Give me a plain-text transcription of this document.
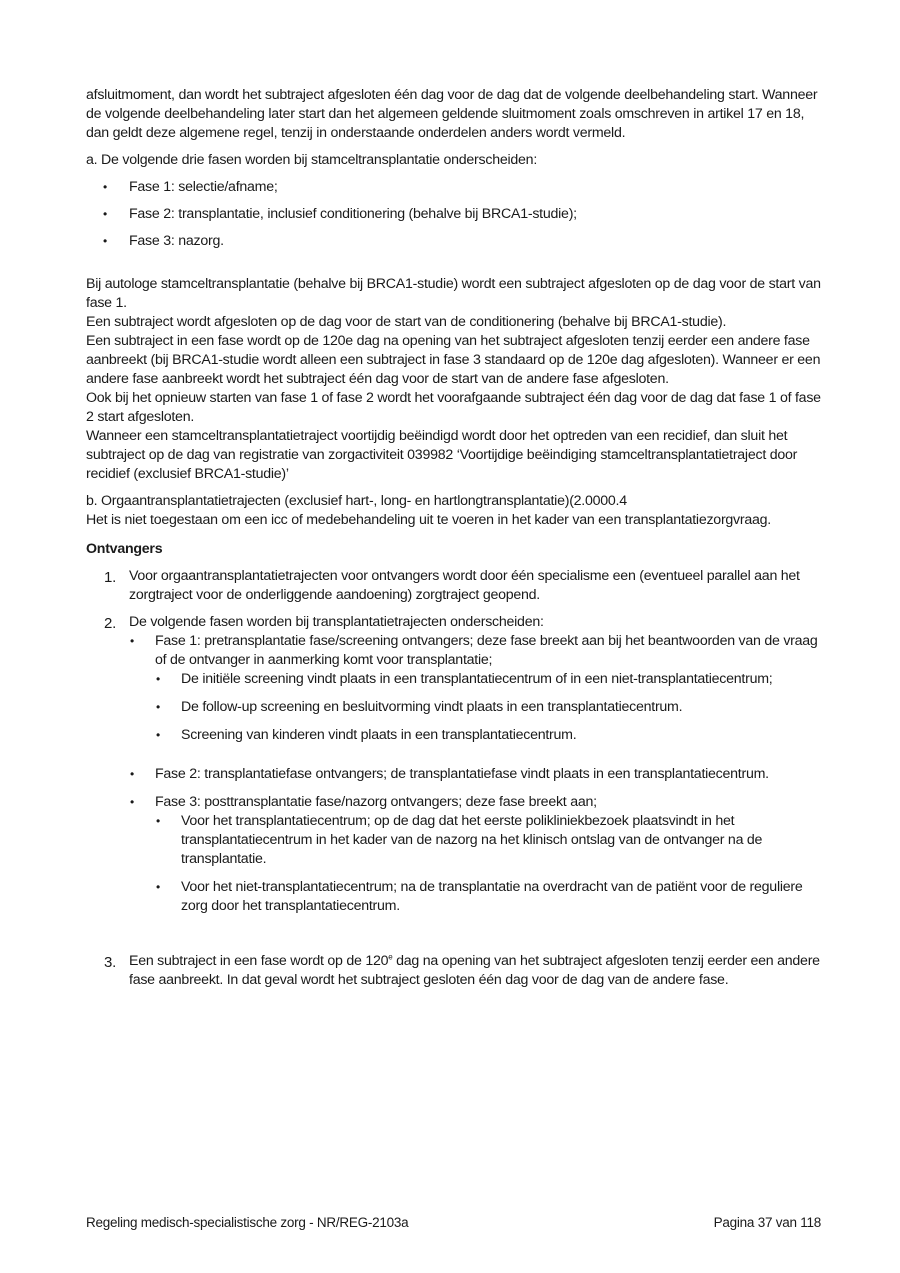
afsluitmoment, dan wordt het subtraject afgesloten één dag voor de dag dat de volgende deelbehandeling start. Wanneer de volgende deelbehandeling later start dan het algemeen geldende sluitmoment zoals omschreven in artikel 17 en 18, dan geldt deze algemene regel, tenzij in onderstaande onderdelen anders wordt vermeld.

a. De volgende drie fasen worden bij stamceltransplantatie onderscheiden:

• Fase 1: selectie/afname;
• Fase 2: transplantatie, inclusief conditionering (behalve bij BRCA1-studie);
• Fase 3: nazorg.

Bij autologe stamceltransplantatie (behalve bij BRCA1-studie) wordt een subtraject afgesloten op de dag voor de start van fase 1.

Een subtraject wordt afgesloten op de dag voor de start van de conditionering (behalve bij BRCA1-studie).

Een subtraject in een fase wordt op de 120e dag na opening van het subtraject afgesloten tenzij eerder een andere fase aanbreekt (bij BRCA1-studie wordt alleen een subtraject in fase 3 standaard op de 120e dag afgesloten). Wanneer er een andere fase aanbreekt wordt het subtraject één dag voor de start van de andere fase afgesloten.

Ook bij het opnieuw starten van fase 1 of fase 2 wordt het voorafgaande subtraject één dag voor de dag dat fase 1 of fase 2 start afgesloten.

Wanneer een stamceltransplantatietraject voortijdig beëindigd wordt door het optreden van een recidief, dan sluit het subtraject op de dag van registratie van zorgactiviteit 039982 ‘Voortijdige beëindiging stamceltransplantatietraject door recidief (exclusief BRCA1-studie)’

b. Orgaantransplantatietrajecten (exclusief hart-, long- en hartlongtransplantatie)(2.0000.4

Het is niet toegestaan om een icc of medebehandeling uit te voeren in het kader van een transplantatiezorgvraag.

Ontvangers

1. Voor orgaantransplantatietrajecten voor ontvangers wordt door één specialisme een (eventueel parallel aan het zorgtraject voor de onderliggende aandoening) zorgtraject geopend.
2. De volgende fasen worden bij transplantatietrajecten onderscheiden:
• Fase 1: pretransplantatie fase/screening ontvangers; deze fase breekt aan bij het beantwoorden van de vraag of de ontvanger in aanmerking komt voor transplantatie;
• De initiële screening vindt plaats in een transplantatiecentrum of in een niet-transplantatiecentrum;
• De follow-up screening en besluitvorming vindt plaats in een transplantatiecentrum.
• Screening van kinderen vindt plaats in een transplantatiecentrum.
• Fase 2: transplantatiefase ontvangers; de transplantatiefase vindt plaats in een transplantatiecentrum.
• Fase 3: posttransplantatie fase/nazorg ontvangers; deze fase breekt aan;
• Voor het transplantatiecentrum; op de dag dat het eerste polikliniekbezoek plaatsvindt in het transplantatiecentrum in het kader van de nazorg na het klinisch ontslag van de ontvanger na de transplantatie.
• Voor het niet-transplantatiecentrum; na de transplantatie na overdracht van de patiënt voor de reguliere zorg door het transplantatiecentrum.
3. Een subtraject in een fase wordt op de 120e dag na opening van het subtraject afgesloten tenzij eerder een andere fase aanbreekt. In dat geval wordt het subtraject gesloten één dag voor de dag van de andere fase.
Regeling medisch-specialistische zorg - NR/REG-2103a	Pagina 37 van 118
